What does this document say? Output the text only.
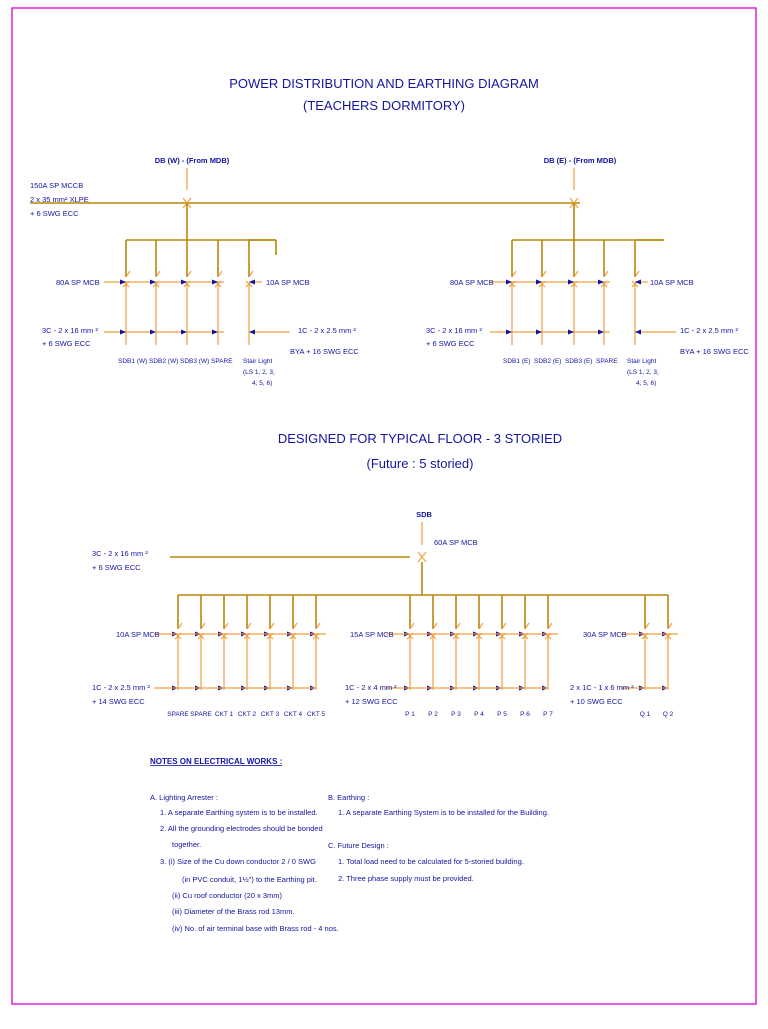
POWER DISTRIBUTION AND EARTHING DIAGRAM
(TEACHERS DORMITORY)
DB (W) - (From MDB)
150A SP MCCB
2 x 35 mm² XLPE
+ 6 SWG ECC
80A SP MCB	10A SP MCB
3C - 2 x 16 mm ²
+ 6 SWG ECC
1C - 2 x 2.5 mm ²
BYA + 16 SWG ECC
SDB1 (W) SDB2 (W) SDB3 (W) SPARE Stair Light
(LS 1, 2, 3,
4, 5, 6)
DB (E) - (From MDB)
80A SP MCB	10A SP MCB
3C - 2 x 16 mm ²
+ 6 SWG ECC
1C - 2 x 2.5 mm ²
BYA + 16 SWG ECC
SDB1 (E) SDB2 (E) SDB3 (E) SPARE Stair Light
(LS 1, 2, 3,
4, 5, 6)
DESIGNED FOR TYPICAL FLOOR - 3 STORIED
(Future : 5 storied)
SDB
60A SP MCB
3C - 2 x 16 mm ²
+ 6 SWG ECC
10A SP MCB	15A SP MCB	30A SP MCB
1C - 2 x 2.5 mm ²
+ 14 SWG ECC
1C - 2 x 4 mm ²
+ 12 SWG ECC
2 x 1C - 1 x 6 mm ²
+ 10 SWG ECC
SPARE SPARE CKT 1 CKT 2 CKT 3 CKT 4 CKT 5	P 1 P 2 P 3 P 4 P 5 P 6 P 7	Q 1 Q 2
NOTES ON ELECTRICAL WORKS :
A. Lighting Arrester :
1. A separate Earthing system is to be installed.
2. All the grounding electrodes should be bonded
together.
3. (i) Size of the Cu down conductor 2 / 0 SWG
(in PVC conduit, 1½") to the Earthing pit.
(ii) Cu roof conductor (20 x 3mm)
(iii) Diameter of the Brass rod 13mm.
(iv) No. of air terminal base with Brass rod - 4 nos.
B. Earthing :
1. A separate Earthing System is to be installed for the Building.
C. Future Design :
1. Total load need to be calculated for 5-storied building.
2. Three phase supply must be provided.
